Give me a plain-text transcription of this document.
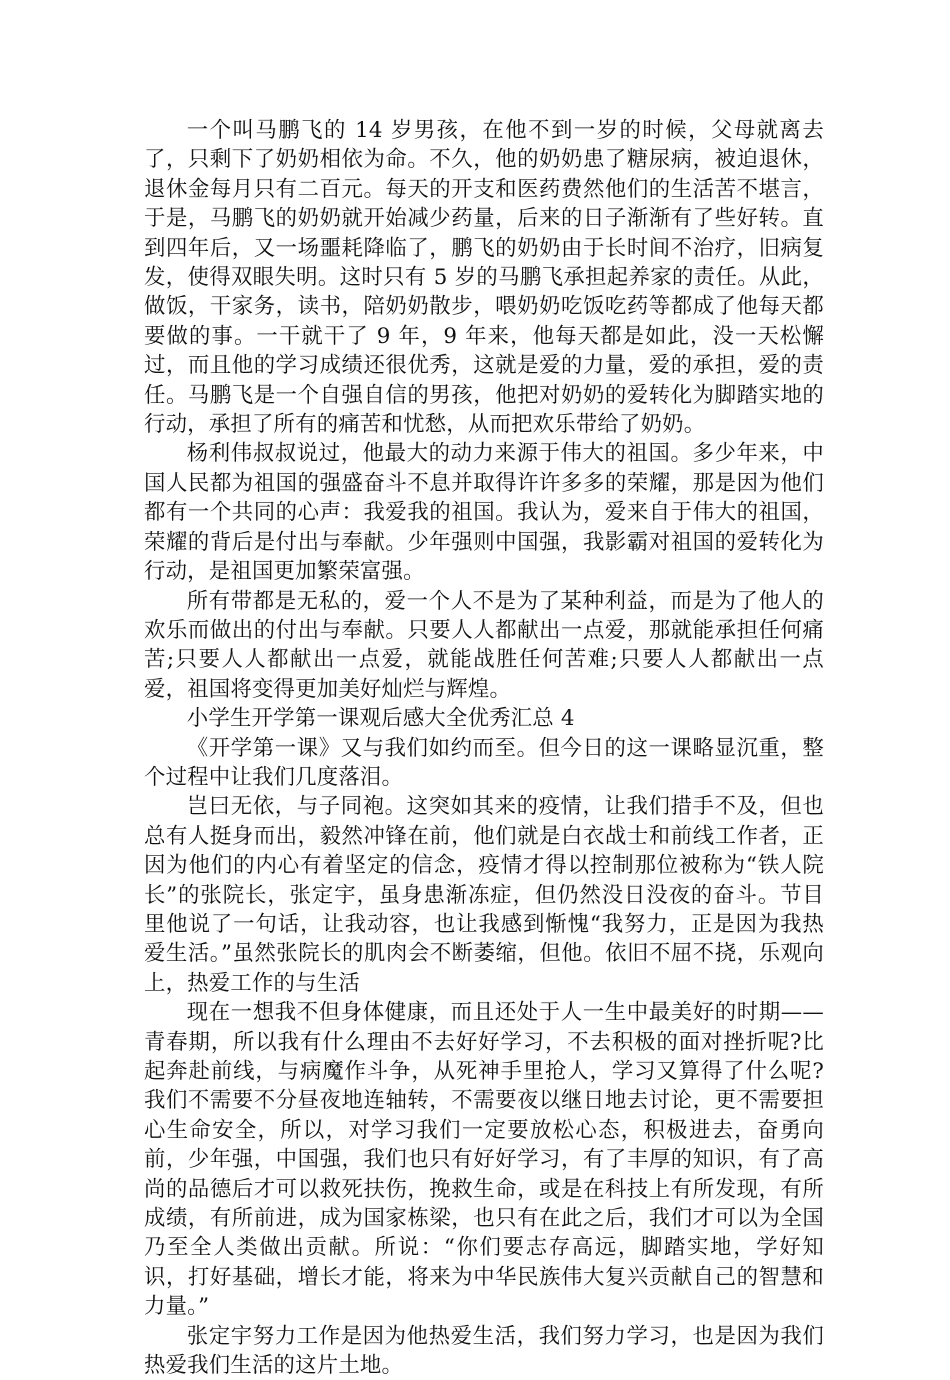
一个叫马鹏飞的 14 岁男孩，在他不到一岁的时候，父母就离去了，只剩下了奶奶相依为命。不久，他的奶奶患了糖尿病，被迫退休，退休金每月只有二百元。每天的开支和医药费然他们的生活苦不堪言，于是，马鹏飞的奶奶就开始减少药量，后来的日子渐渐有了些好转。直到四年后，又一场噩耗降临了，鹏飞的奶奶由于长时间不治疗，旧病复发，使得双眼失明。这时只有 5 岁的马鹏飞承担起养家的责任。从此，做饭，干家务，读书，陪奶奶散步，喂奶奶吃饭吃药等都成了他每天都要做的事。一干就干了 9 年，9 年来，他每天都是如此，没一天松懈过，而且他的学习成绩还很优秀，这就是爱的力量，爱的承担，爱的责任。马鹏飞是一个自强自信的男孩，他把对奶奶的爱转化为脚踏实地的行动，承担了所有的痛苦和忧愁，从而把欢乐带给了奶奶。

杨利伟叔叔说过，他最大的动力来源于伟大的祖国。多少年来，中国人民都为祖国的强盛奋斗不息并取得许许多多的荣耀，那是因为他们都有一个共同的心声：我爱我的祖国。我认为，爱来自于伟大的祖国，荣耀的背后是付出与奉献。少年强则中国强，我影霸对祖国的爱转化为行动，是祖国更加繁荣富强。

所有带都是无私的，爱一个人不是为了某种利益，而是为了他人的欢乐而做出的付出与奉献。只要人人都献出一点爱，那就能承担任何痛苦;只要人人都献出一点爱，就能战胜任何苦难;只要人人都献出一点爱，祖国将变得更加美好灿烂与辉煌。

小学生开学第一课观后感大全优秀汇总 4

《开学第一课》又与我们如约而至。但今日的这一课略显沉重，整个过程中让我们几度落泪。

岂曰无依，与子同袍。这突如其来的疫情，让我们措手不及，但也总有人挺身而出，毅然冲锋在前，他们就是白衣战士和前线工作者，正因为他们的内心有着坚定的信念，疫情才得以控制那位被称为“铁人院长”的张院长，张定宇，虽身患渐冻症，但仍然没日没夜的奋斗。节目里他说了一句话，让我动容，也让我感到惭愧“我努力，正是因为我热爱生活。”虽然张院长的肌肉会不断萎缩，但他。依旧不屈不挠，乐观向上，热爱工作的与生活

现在一想我不但身体健康，而且还处于人一生中最美好的时期——青春期，所以我有什么理由不去好好学习，不去积极的面对挫折呢?比起奔赴前线，与病魔作斗争，从死神手里抢人，学习又算得了什么呢?我们不需要不分昼夜地连轴转，不需要夜以继日地去讨论，更不需要担心生命安全，所以，对学习我们一定要放松心态，积极进去，奋勇向前，少年强，中国强，我们也只有好好学习，有了丰厚的知识，有了高尚的品德后才可以救死扶伤，挽救生命，或是在科技上有所发现，有所成绩，有所前进，成为国家栋梁，也只有在此之后，我们才可以为全国乃至全人类做出贡献。所说：“你们要志存高远，脚踏实地，学好知识，打好基础，增长才能，将来为中华民族伟大复兴贡献自己的智慧和力量。”

张定宇努力工作是因为他热爱生活，我们努力学习，也是因为我们热爱我们生活的这片土地。
